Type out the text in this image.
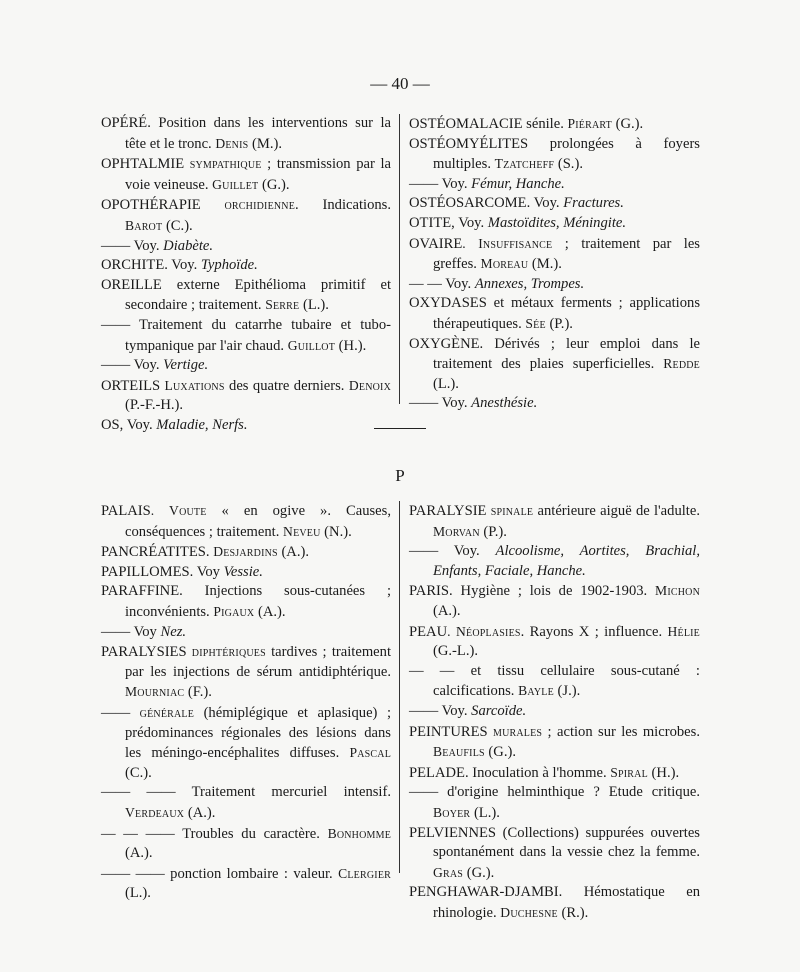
— 40 —

OPÉRÉ. Position dans les interventions sur la tête et le tronc. Denis (M.).

OPHTALMIE sympathique ; transmission par la voie veineuse. Guillet (G.).

OPOTHÉRAPIE orchidienne. Indications. Barot (C.).

—— Voy. Diabète.

ORCHITE. Voy. Typhoïde.

OREILLE externe Epithélioma primitif et secondaire ; traitement. Serre (L.).

—— Traitement du catarrhe tubaire et tubo-tympanique par l'air chaud. Guillot (H.).

—— Voy. Vertige.

ORTEILS Luxations des quatre derniers. Denoix (P.-F.-H.).

OS, Voy. Maladie, Nerfs.

OSTÉOMALACIE sénile. Piérart (G.).

OSTÉOMYÉLITES prolongées à foyers multiples. Tzatcheff (S.).

—— Voy. Fémur, Hanche.

OSTÉOSARCOME. Voy. Fractures.

OTITE, Voy. Mastoïdites, Méningite.

OVAIRE. Insuffisance ; traitement par les greffes. Moreau (M.).

— — Voy. Annexes, Trompes.

OXYDASES et métaux ferments ; applications thérapeutiques. Sée (P.).

OXYGÈNE. Dérivés ; leur emploi dans le traitement des plaies superficielles. Redde (L.).

—— Voy. Anesthésie.

P

PALAIS. Voute « en ogive ». Causes, conséquences ; traitement. Neveu (N.).

PANCRÉATITES. Desjardins (A.).

PAPILLOMES. Voy Vessie.

PARAFFINE. Injections sous-cutanées ; inconvénients. Pigaux (A.).

—— Voy Nez.

PARALYSIES diphtériques tardives ; traitement par les injections de sérum antidiphtérique. Mourniac (F.).

—— générale (hémiplégique et aplasique) ; prédominances régionales des lésions dans les méningo-encéphalites diffuses. Pascal (C.).

—— —— Traitement mercuriel intensif. Verdeaux (A.).

— — —— Troubles du caractère. Bonhomme (A.).

—— —— ponction lombaire : valeur. Clergier (L.).

PARALYSIE spinale antérieure aiguë de l'adulte. Morvan (P.).

—— Voy. Alcoolisme, Aortites, Brachial, Enfants, Faciale, Hanche.

PARIS. Hygiène ; lois de 1902-1903. Michon (A.).

PEAU. Néoplasies. Rayons X ; influence. Hélie (G.-L.).

— — et tissu cellulaire sous-cutané : calcifications. Bayle (J.).

—— Voy. Sarcoïde.

PEINTURES murales ; action sur les microbes. Beaufils (G.).

PELADE. Inoculation à l'homme. Spiral (H.).

—— d'origine helminthique ? Etude critique. Boyer (L.).

PELVIENNES (Collections) suppurées ouvertes spontanément dans la vessie chez la femme. Gras (G.).

PENGHAWAR-DJAMBI. Hémostatique en rhinologie. Duchesne (R.).
